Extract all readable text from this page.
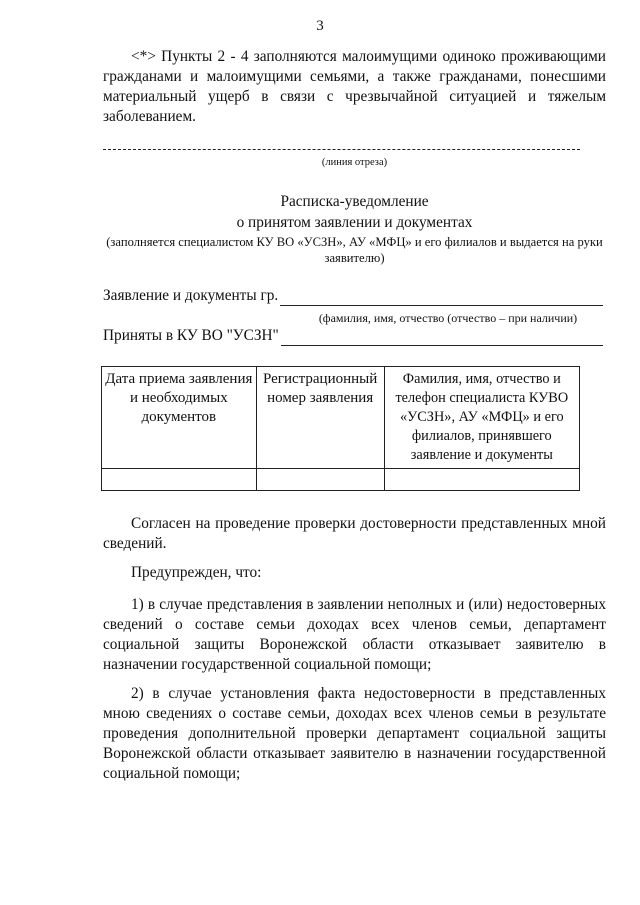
3

<*> Пункты 2 - 4 заполняются малоимущими одиноко проживающими гражданами и малоимущими семьями, а также гражданами, понесшими материальный ущерб в связи с чрезвычайной ситуацией и тяжелым заболеванием.

(линия отреза)

Расписка-уведомление

о принятом заявлении и документах

(заполняется специалистом КУ ВО «УСЗН», АУ «МФЦ» и его филиалов и выдается на руки заявителю)

Заявление и документы гр.
(фамилия, имя, отчество (отчество – при наличии)
Приняты в КУ ВО "УСЗН"
Дата приема заявления и необходимых документов	Регистрационный номер заявления	Фамилия, имя, отчество и телефон специалиста КУВО «УСЗН», АУ «МФЦ» и его филиалов, принявшего заявление и документы

Согласен на проведение проверки достоверности представленных мной сведений.

Предупрежден, что:

1) в случае представления в заявлении неполных и (или) недостоверных сведений о составе семьи доходах всех членов семьи, департамент социальной защиты Воронежской области отказывает заявителю в назначении государственной социальной помощи;

2) в случае установления факта недостоверности в представленных мною сведениях о составе семьи, доходах всех членов семьи в результате проведения дополнительной проверки департамент социальной защиты Воронежской области отказывает заявителю в назначении государственной социальной помощи;
